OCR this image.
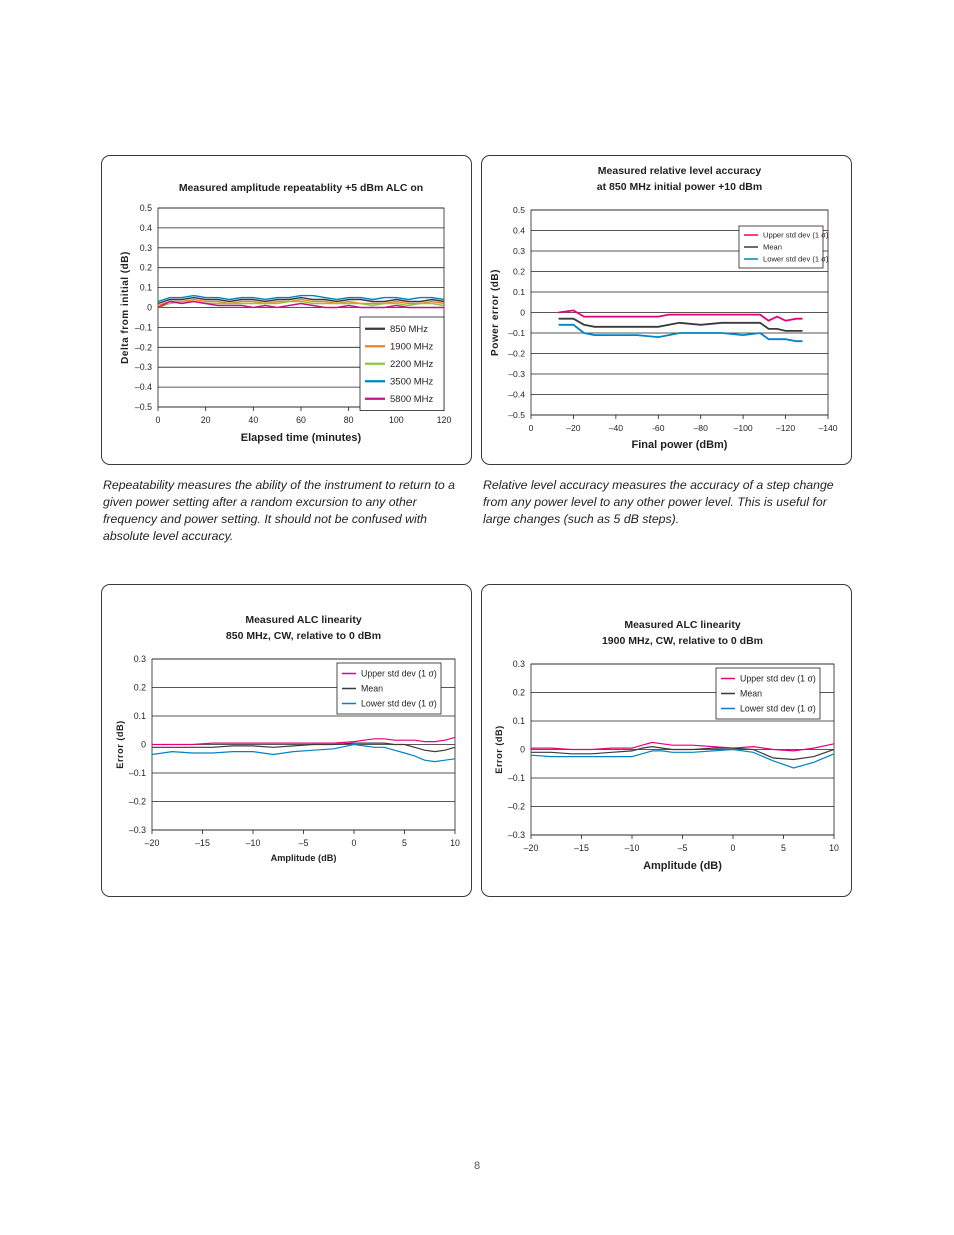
Measured amplitude repeatablity +5 dBm ALC on
0.5
0.4
0.3
0.2
0.1
0
–0.1
–0.2
–0.3
–0.4
–0.5
0	20	40	60	80	100	120
Elapsed time (minutes)
Delta from initial (dB)	850 MHz
1900 MHz
2200 MHz
3500 MHz
5800 MHz
Measured relative level accuracy
at 850 MHz initial power +10 dBm
0.5
0.4
0.3
0.2
0.1
0
–0.1
–0.2
–0.3
–0.4
–0.5
0	–20	–40	-60	–80	–100	–120	–140
Final power (dBm)
Power error (dB)
Upper std dev (1 σ)
Mean
Lower std dev (1 σ)
Measured ALC linearity
850 MHz, CW, relative to 0 dBm
0.3
0.2
0.1
0
–0.1
–0.2
–0.3
–20	–15	–10	–5	0	5	10
Amplitude (dB)
Error (dB)
Upper std dev (1 σ)
Mean
Lower std dev (1 σ)
Measured ALC linearity
1900 MHz, CW, relative to 0 dBm
0.3
0.2
0.1
0
–0.1
–0.2
–0.3
–20	–15	–10	–5	0	5	10
Amplitude (dB)
Error (dB)
Upper std dev (1 σ)
Mean
Lower std dev (1 σ)
Repeatability measures the ability of the instrument to return to a given power setting after a random excursion to any other frequency and power setting. It should not be confused with absolute level accuracy.
Relative level accuracy measures the accuracy of a step change from any power level to any other power level. This is useful for large changes (such as 5 dB steps).
8
